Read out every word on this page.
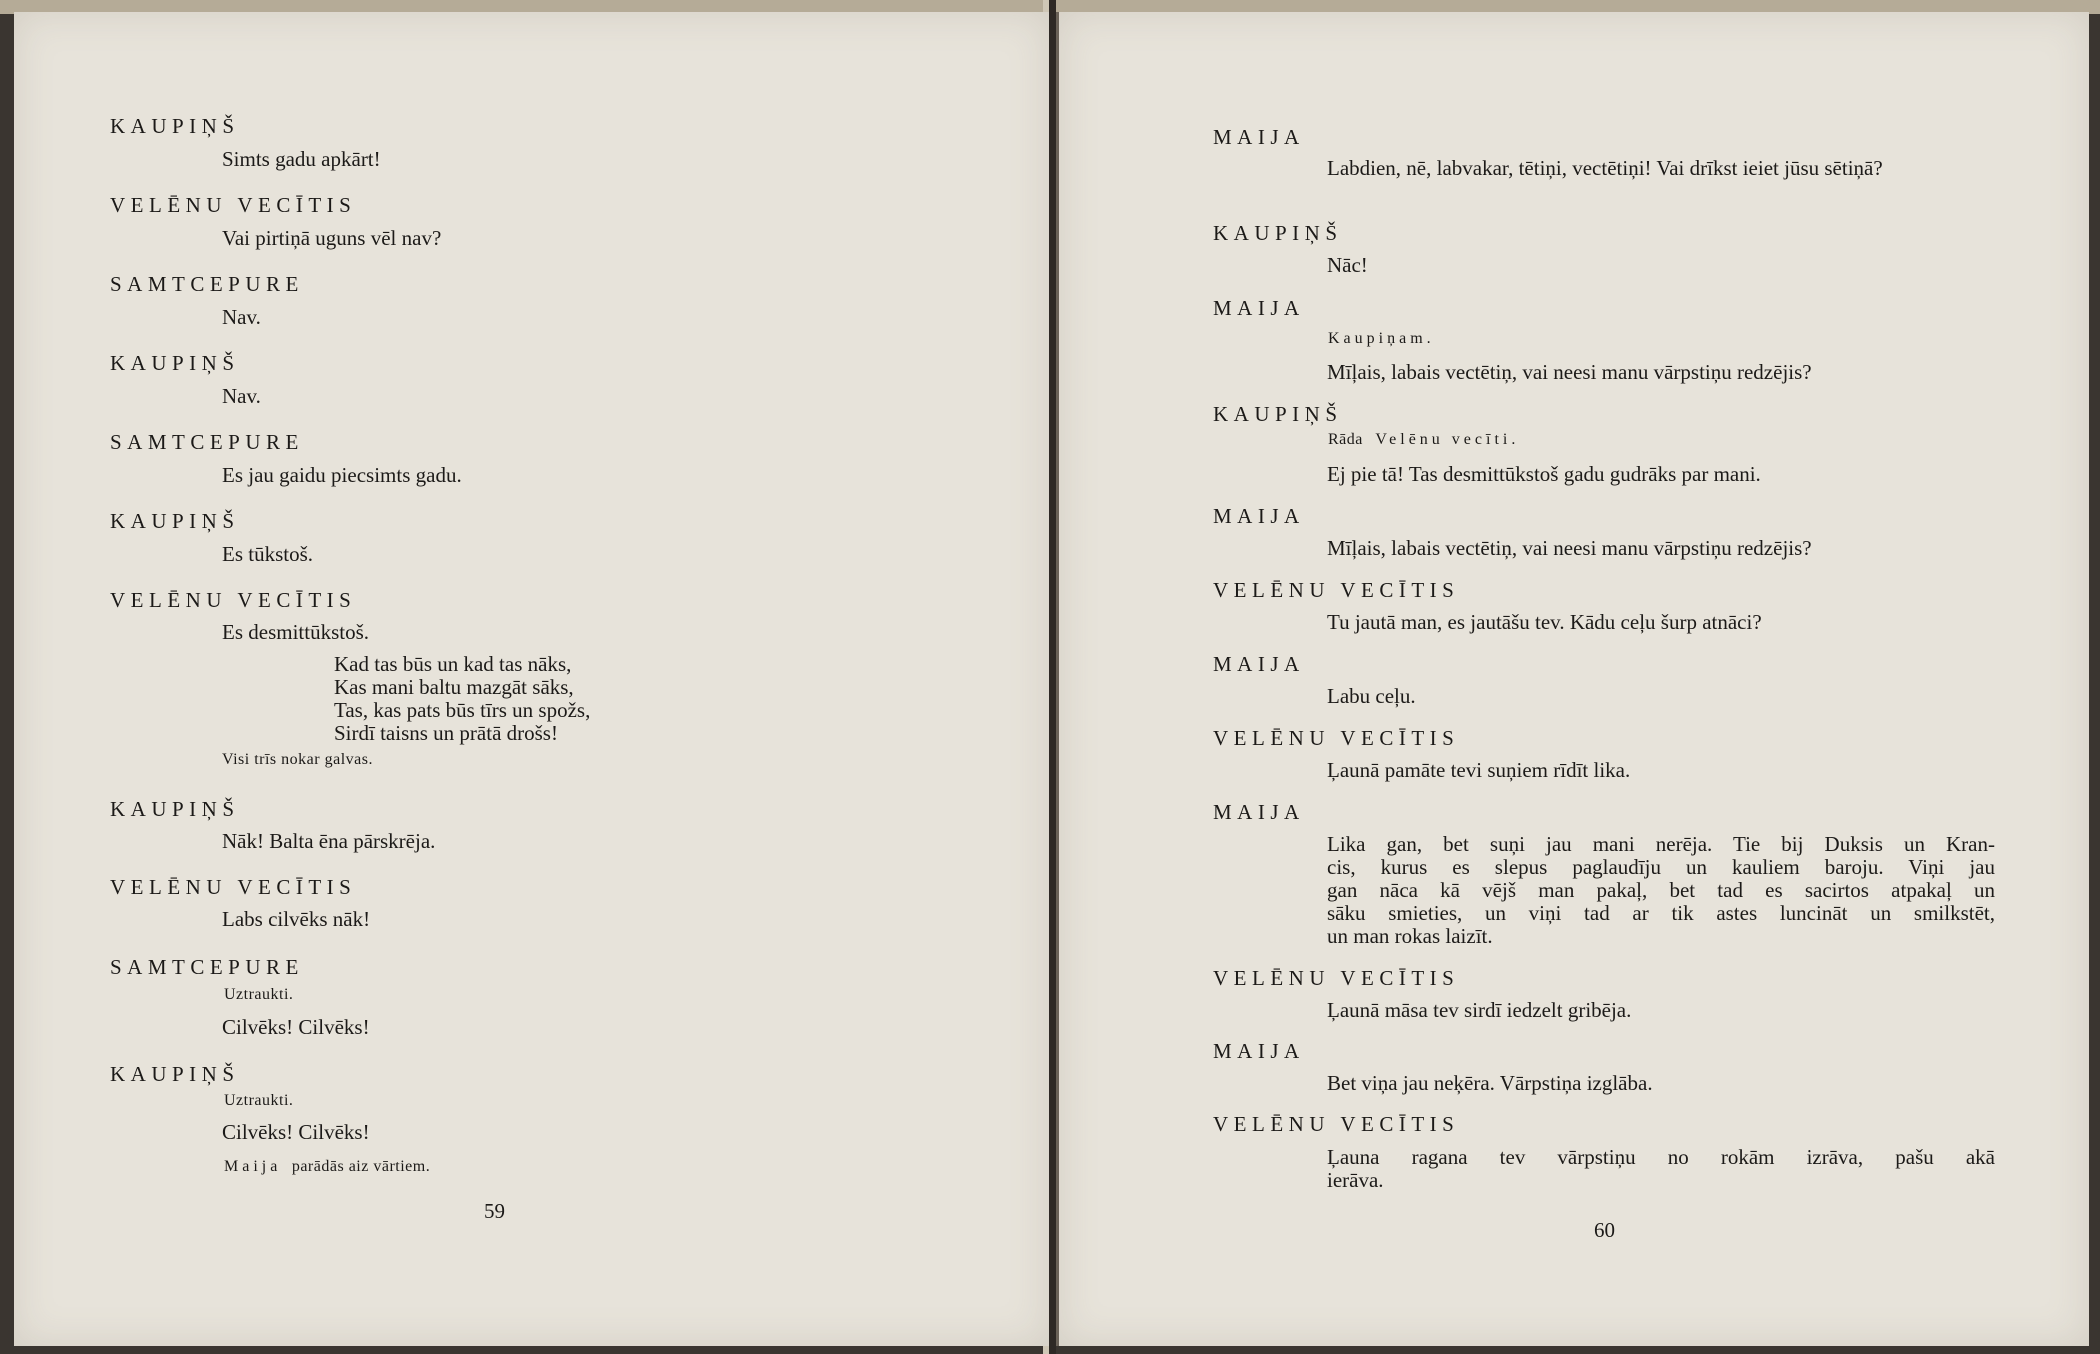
KAUPIŅŠ
Simts gadu apkārt!
VELĒNU VECĪTIS
Vai pirtiņā uguns vēl nav?
SAMTCEPURE
Nav.
KAUPIŅŠ
Nav.
SAMTCEPURE
Es jau gaidu piecsimts gadu.
KAUPIŅŠ
Es tūkstoš.
VELĒNU VECĪTIS
Es desmittūkstoš.
Kad tas būs un kad tas nāks,
Kas mani baltu mazgāt sāks,
Tas, kas pats būs tīrs un spožs,
Sirdī taisns un prātā drošs!
Visi trīs nokar galvas.
KAUPIŅŠ
Nāk! Balta ēna pārskrēja.
VELĒNU VECĪTIS
Labs cilvēks nāk!
SAMTCEPURE
Uztraukti.
Cilvēks! Cilvēks!
KAUPIŅŠ
Uztraukti.
Cilvēks! Cilvēks!
Maija parādās aiz vārtiem.
59
MAIJA
Labdien, nē, labvakar, tētiņi, vectētiņi! Vai drīkst ieiet jūsu sētiņā?
KAUPIŅŠ
Nāc!
MAIJA
Kaupiņam.
Mīļais, labais vectētiņ, vai neesi manu vārpstiņu redzējis?
KAUPIŅŠ
Rāda Velēnu vecīti.
Ej pie tā! Tas desmittūkstoš gadu gudrāks par mani.
MAIJA
Mīļais, labais vectētiņ, vai neesi manu vārpstiņu redzējis?
VELĒNU VECĪTIS
Tu jautā man, es jautāšu tev. Kādu ceļu šurp atnāci?
MAIJA
Labu ceļu.
VELĒNU VECĪTIS
Ļaunā pamāte tevi suņiem rīdīt lika.
MAIJA
Lika gan, bet suņi jau mani nerēja. Tie bij Duksis un Kran-
cis, kurus es slepus paglaudīju un kauliem baroju. Viņi jau
gan nāca kā vējš man pakaļ, bet tad es sacirtos atpakaļ un
sāku smieties, un viņi tad ar tik astes luncināt un smilkstēt,
un man rokas laizīt.
VELĒNU VECĪTIS
Ļaunā māsa tev sirdī iedzelt gribēja.
MAIJA
Bet viņa jau neķēra. Vārpstiņa izglāba.
VELĒNU VECĪTIS
Ļauna ragana tev vārpstiņu no rokām izrāva, pašu akā
ierāva.
60
